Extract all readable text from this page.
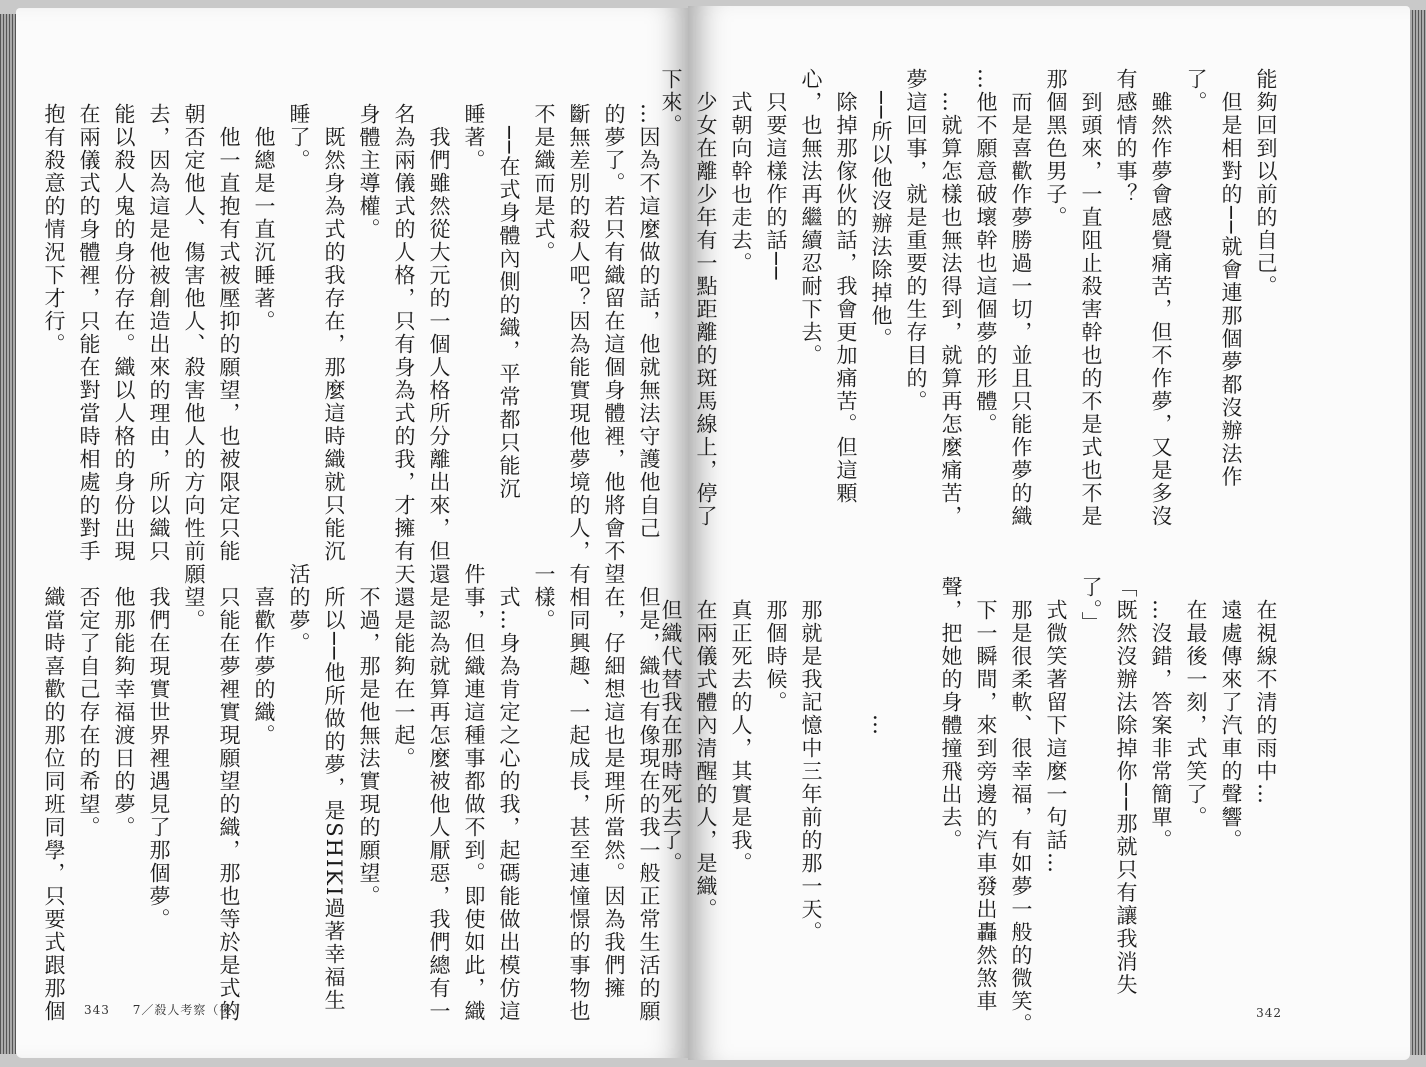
…因為不這麼做的話，他就無法守護他自己

的夢了。若只有織留在這個身體裡，他將會不

斷無差別的殺人吧？因為能實現他夢境的人，

不是織而是式。

　──在式身體內側的織，平常都只能沉

睡著。

　我們雖然從大元的一個人格所分離出來，但

名為兩儀式的人格，只有身為式的我，才擁有

身體主導權。

　既然身為式的我存在，那麼這時織就只能沉

睡了。

　他總是一直沉睡著。

　他一直抱有式被壓抑的願望，也被限定只能

朝否定他人、傷害他人、殺害他人的方向性前

去，因為這是他被創造出來的理由，所以織只

能以殺人鬼的身份存在。織以人格的身份出現

在兩儀式的身體裡，只能在對當時相處的對手

抱有殺意的情況下才行。

　但是，織也有像現在的我一般正常生活的願

望在，仔細想這也是理所當然。因為我們擁

有相同興趣、一起成長，甚至連憧憬的事物也

一樣。

　式…身為肯定之心的我，起碼能做出模仿這

件事，但織連這種事都做不到。即使如此，織

還是認為就算再怎麼被他人厭惡，我們總有一

天還是能夠在一起。

　不過，那是他無法實現的願望。

　所以──他所做的夢，是SHIKI過著幸福生

活的夢。

　喜歡作夢的織。

　只能在夢裡實現願望的織，那也等於是式的

願望。

　我們在現實世界裡遇見了那個夢。

　他那能夠幸福渡日的夢。

　否定了自己存在的希望。

　織當時喜歡的那位同班同學，只要式跟那個	343 7／殺人考察（後）

能夠回到以前的自己。

　但是相對的──就會連那個夢都沒辦法作

了。

　雖然作夢會感覺痛苦，但不作夢，又是多沒

有感情的事？

　到頭來，一直阻止殺害幹也的不是式也不是

那個黑色男子。

　而是喜歡作夢勝過一切，並且只能作夢的織

…他不願意破壞幹也這個夢的形體。

　…就算怎樣也無法得到，就算再怎麼痛苦，

夢這回事，就是重要的生存目的。

　──所以他沒辦法除掉他。

　除掉那傢伙的話，我會更加痛苦。但這顆

心，也無法再繼續忍耐下去。

　只要這樣作的話──

　式朝向幹也走去。

　少女在離少年有一點距離的斑馬線上，停了

下來。

　在視線不清的雨中…

　遠處傳來了汽車的聲響。

　在最後一刻，式笑了。

　…沒錯，答案非常簡單。

「既然沒辦法除掉你──那就只有讓我消失

了。」

　式微笑著留下這麼一句話…

　那是很柔軟、很幸福，有如夢一般的微笑。

　下一瞬間，來到旁邊的汽車發出轟然煞車

聲，把她的身體撞飛出去。

　　　　　　…

　那就是我記憶中三年前的那一天。

　那個時候。

　真正死去的人，其實是我。

　在兩儀式體內清醒的人，是織。

　但織代替我在那時死去了。

342
